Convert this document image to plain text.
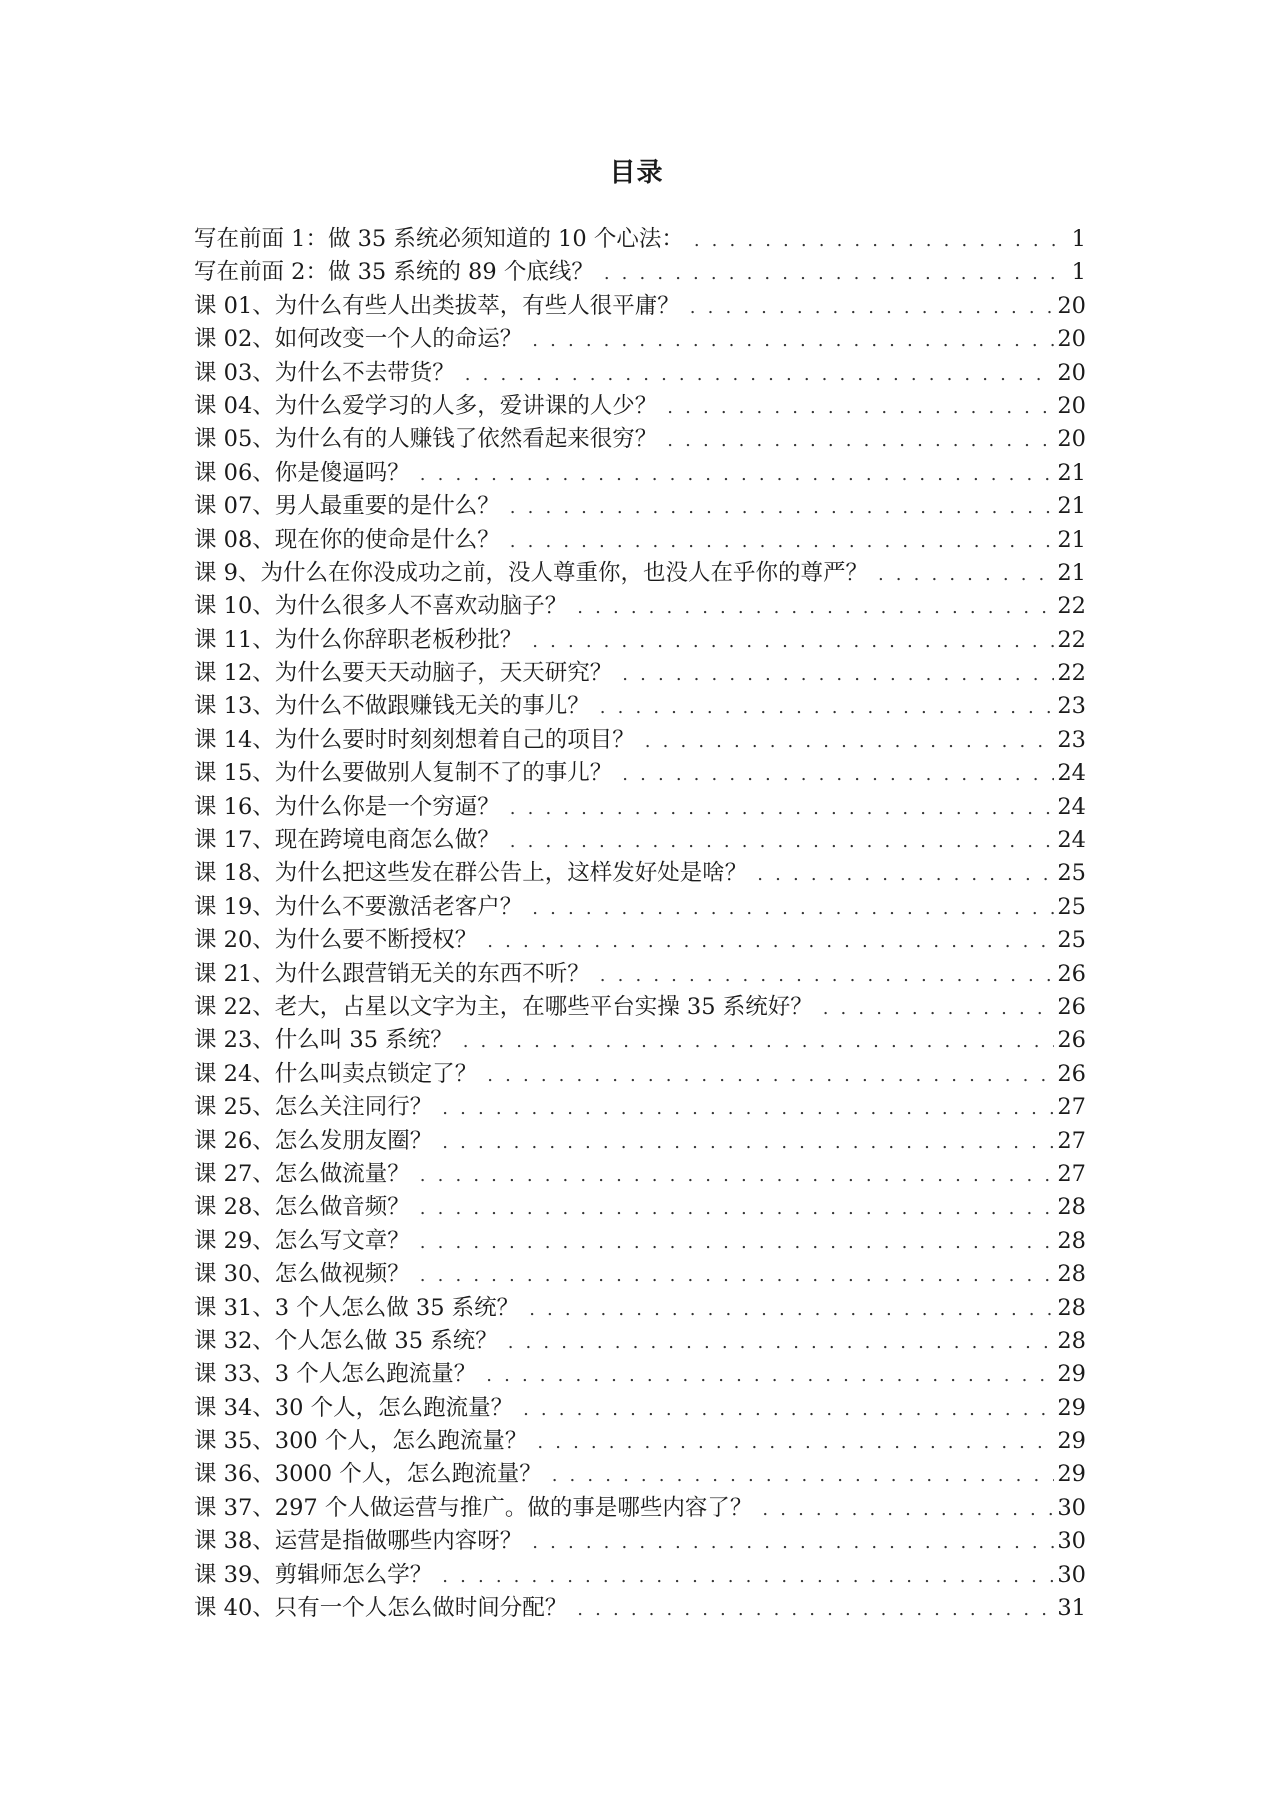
目录
写在前面 1：做 35 系统必须知道的 10 个心法： . . .	1
写在前面 2：做 35 系统的 89 个底线？ . . .	1
课 01、为什么有些人出类拔萃，有些人很平庸？ . . .	20
课 02、如何改变一个人的命运？ . . .	20
课 03、为什么不去带货？ . . .	20
课 04、为什么爱学习的人多，爱讲课的人少？ . . .	20
课 05、为什么有的人赚钱了依然看起来很穷？ . . .	20
课 06、你是傻逼吗？ . . .	21
课 07、男人最重要的是什么？ . . .	21
课 08、现在你的使命是什么？ . . .	21
课 9、为什么在你没成功之前，没人尊重你，也没人在乎你的尊严？ . . .	21
课 10、为什么很多人不喜欢动脑子？ . . .	22
课 11、为什么你辞职老板秒批？ . . .	22
课 12、为什么要天天动脑子，天天研究？ . . .	22
课 13、为什么不做跟赚钱无关的事儿？ . . .	23
课 14、为什么要时时刻刻想着自己的项目？ . . .	23
课 15、为什么要做别人复制不了的事儿？ . . .	24
课 16、为什么你是一个穷逼？ . . .	24
课 17、现在跨境电商怎么做？ . . .	24
课 18、为什么把这些发在群公告上，这样发好处是啥？ . . .	25
课 19、为什么不要激活老客户？ . . .	25
课 20、为什么要不断授权？ . . .	25
课 21、为什么跟营销无关的东西不听？ . . .	26
课 22、老大，占星以文字为主，在哪些平台实操 35 系统好？ . . .	26
课 23、什么叫 35 系统？ . . .	26
课 24、什么叫卖点锁定了？ . . .	26
课 25、怎么关注同行？ . . .	27
课 26、怎么发朋友圈？ . . .	27
课 27、怎么做流量？ . . .	27
课 28、怎么做音频？ . . .	28
课 29、怎么写文章？ . . .	28
课 30、怎么做视频？ . . .	28
课 31、3 个人怎么做 35 系统？ . . .	28
课 32、个人怎么做 35 系统？ . . .	28
课 33、3 个人怎么跑流量？ . . .	29
课 34、30 个人，怎么跑流量？ . . .	29
课 35、300 个人，怎么跑流量？ . . .	29
课 36、3000 个人，怎么跑流量？ . . .	29
课 37、297 个人做运营与推广。做的事是哪些内容了？ . . .	30
课 38、运营是指做哪些内容呀？ . . .	30
课 39、剪辑师怎么学？ . . .	30
课 40、只有一个人怎么做时间分配？ . . .	31
